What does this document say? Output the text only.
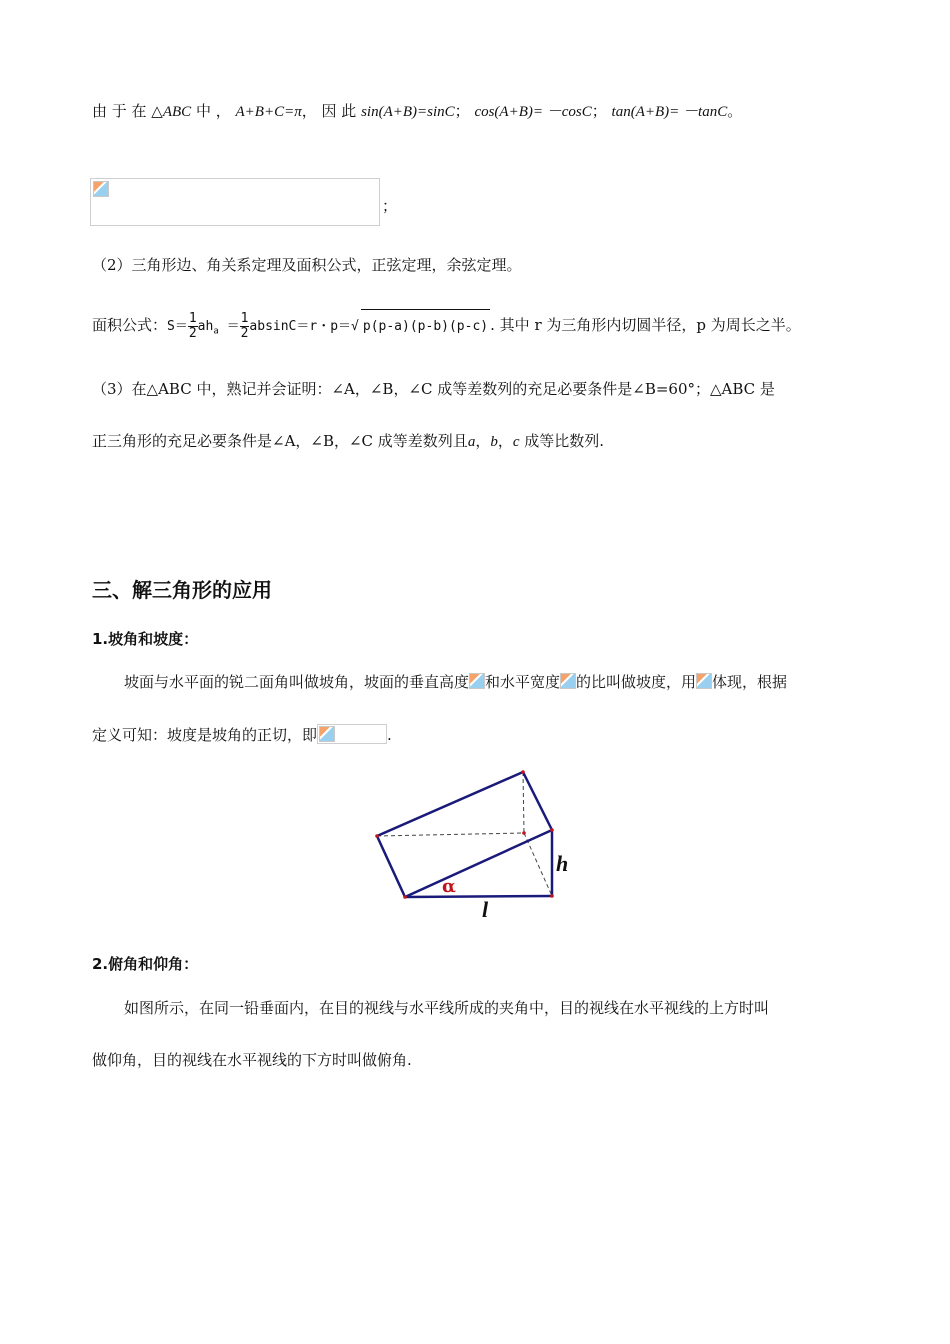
由 于 在 △ABC 中 ， A+B+C=π， 因 此 sin(A+B)=sinC； cos(A+B)= －cosC； tan(A+B)= －tanC。
；
（2）三角形边、角关系定理及面积公式，正弦定理，余弦定理。
面积公式：$S= \frac{1}{2} ah_a = \frac{1}{2} absinC=r$・p＝√ p(p-a)(p-b)(p-c) . 其中 r 为三角形内切圆半径，p 为周长之半。
（3）在△ABC 中，熟记并会证明：∠A，∠B，∠C 成等差数列的充足必要条件是∠B=60°；△ABC 是
正三角形的充足必要条件是∠A，∠B，∠C 成等差数列且a，b，c 成等比数列.
三、解三角形的应用
1.坡角和坡度：
坡面与水平面的锐二面角叫做坡角，坡面的垂直高度 和水平宽度 的比叫做坡度，用 体现，根据
定义可知：坡度是坡角的正切，即	.
h
α
l
2.俯角和仰角：
如图所示，在同一铅垂面内，在目的视线与水平线所成的夹角中，目的视线在水平视线的上方时叫
做仰角，目的视线在水平视线的下方时叫做俯角.
